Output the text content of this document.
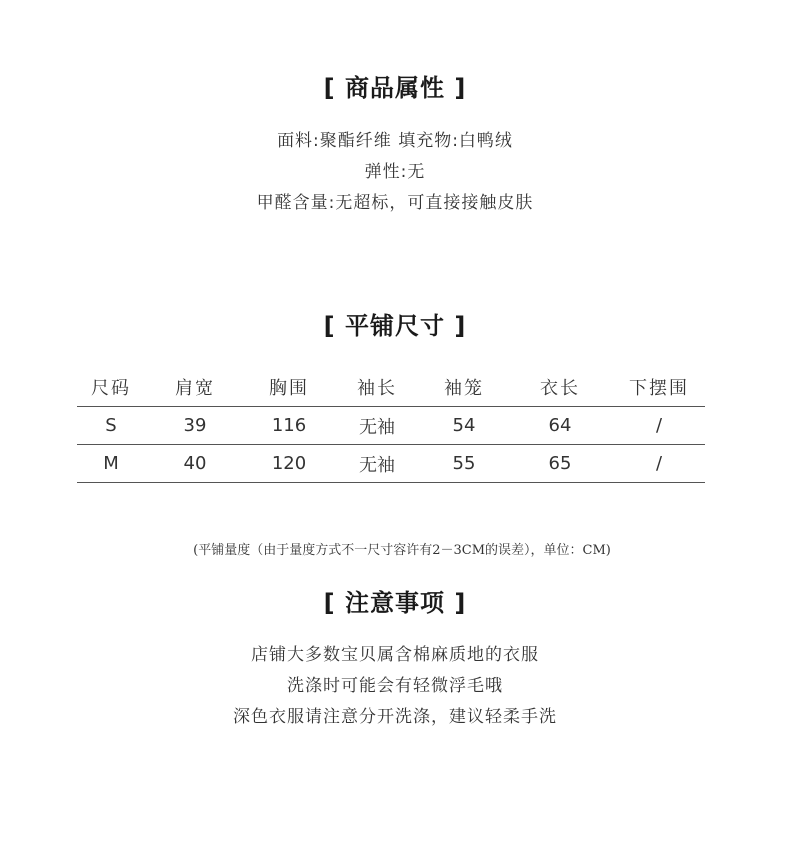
[ 商品属性 ]
面料:聚酯纤维 填充物:白鸭绒
弹性:无
甲醛含量:无超标，可直接接触皮肤
[ 平铺尺寸 ]
尺码	肩宽	胸围	袖长	袖笼	衣长	下摆围
S	39	116	无袖	54	64	/
M	40	120	无袖	55	65	/
(平铺量度（由于量度方式不一尺寸容许有2－3CM的误差），单位：CM)
[ 注意事项 ]
店铺大多数宝贝属含棉麻质地的衣服
洗涤时可能会有轻微浮毛哦
深色衣服请注意分开洗涤，建议轻柔手洗
